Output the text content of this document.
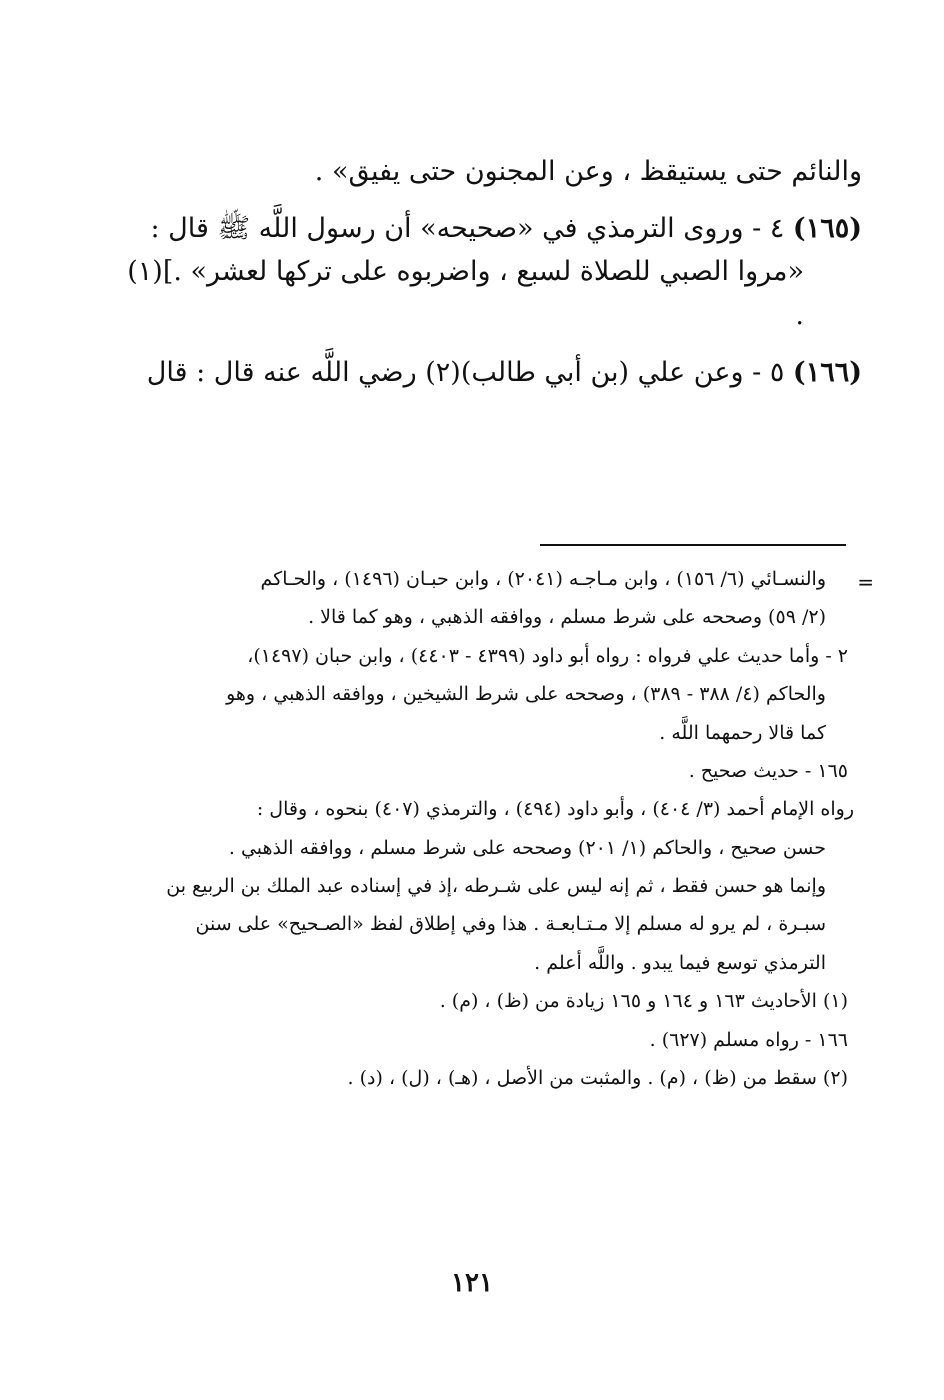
والنائم حتى يستيقظ ، وعن المجنون حتى يفيق» .

(١٦٥) ٤ - وروى الترمذي في «صحيحه» أن رسول اللَّه ﷺ قال :

«مروا الصبي للصلاة لسبع ، واضربوه على تركها لعشر» .](١) .

(١٦٦) ٥ - وعن علي (بن أبي طالب)(٢) رضي اللَّه عنه قال : قال

=

والنسـائي (٦/ ١٥٦) ، وابن مـاجـه (٢٠٤١) ، وابن حبـان (١٤٩٦) ، والحـاكم

(٢/ ٥٩) وصححه على شرط مسلم ، ووافقه الذهبي ، وهو كما قالا .

٢ - وأما حديث علي فرواه : رواه أبو داود (٤٣٩٩ - ٤٤٠٣) ، وابن حبان (١٤٩٧)،

والحاكم (٤/ ٣٨٨ - ٣٨٩) ، وصححه على شرط الشيخين ، ووافقه الذهبي ، وهو

كما قالا رحمهما اللَّه .

١٦٥ - حديث صحيح .

رواه الإمام أحمد (٣/ ٤٠٤) ، وأبو داود (٤٩٤) ، والترمذي (٤٠٧) بنحوه ، وقال :

حسن صحيح ، والحاكم (١/ ٢٠١) وصححه على شرط مسلم ، ووافقه الذهبي .

وإنما هو حسن فقط ، ثم إنه ليس على شـرطه ،إذ في إسناده عبد الملك بن الربيع بن

سبـرة ، لم يرو له مسلم إلا مـتـابعـة . هذا وفي إطلاق لفظ «الصـحيح» على سنن

الترمذي توسع فيما يبدو . واللَّه أعلم .

(١) الأحاديث ١٦٣ و ١٦٤ و ١٦٥ زيادة من (ظ) ، (م) .

١٦٦ - رواه مسلم (٦٢٧) .

(٢) سقط من (ظ) ، (م) . والمثبت من الأصل ، (هـ) ، (ل) ، (د) .

١٢١
